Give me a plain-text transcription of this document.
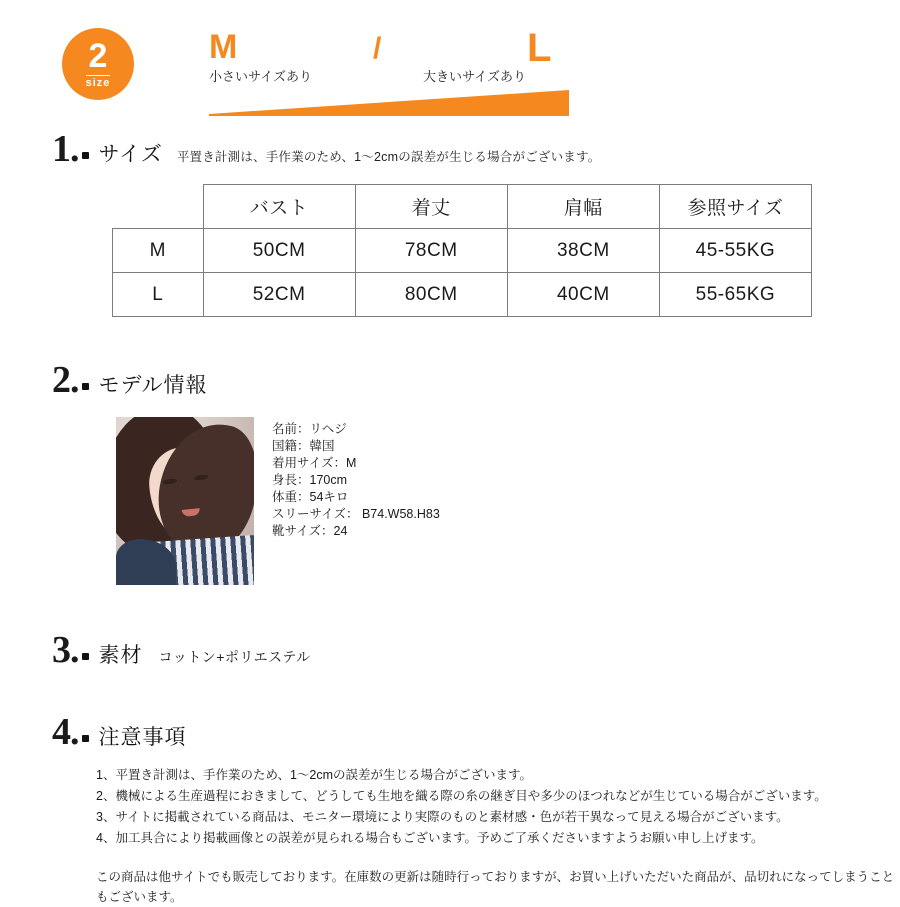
2
size
M	/	L
小さいサイズあり	大きいサイズあり
1. サイズ 平置き計測は、手作業のため、1～2cmの誤差が生じる場合がございます。
	バスト	着丈	肩幅	参照サイズ
M	50CM	78CM	38CM	45-55KG
L	52CM	80CM	40CM	55-65KG
2. モデル情報
名前：リヘジ
国籍：韓国
着用サイズ：M
身長：170cm
体重：54キロ
スリーサイズ： B74.W58.H83
靴サイズ：24
3. 素材 コットン+ポリエステル
4. 注意事項
1、平置き計測は、手作業のため、1～2cmの誤差が生じる場合がございます。
2、機械による生産過程におきまして、どうしても生地を織る際の糸の継ぎ目や多少のほつれなどが生じている場合がございます。
3、サイトに掲載されている商品は、モニター環境により実際のものと素材感・色が若干異なって見える場合がございます。
4、加工具合により掲載画像との誤差が見られる場合もございます。予めご了承くださいますようお願い申し上げます。
この商品は他サイトでも販売しております。在庫数の更新は随時行っておりますが、お買い上げいただいた商品が、品切れになってしまうこともございます。
